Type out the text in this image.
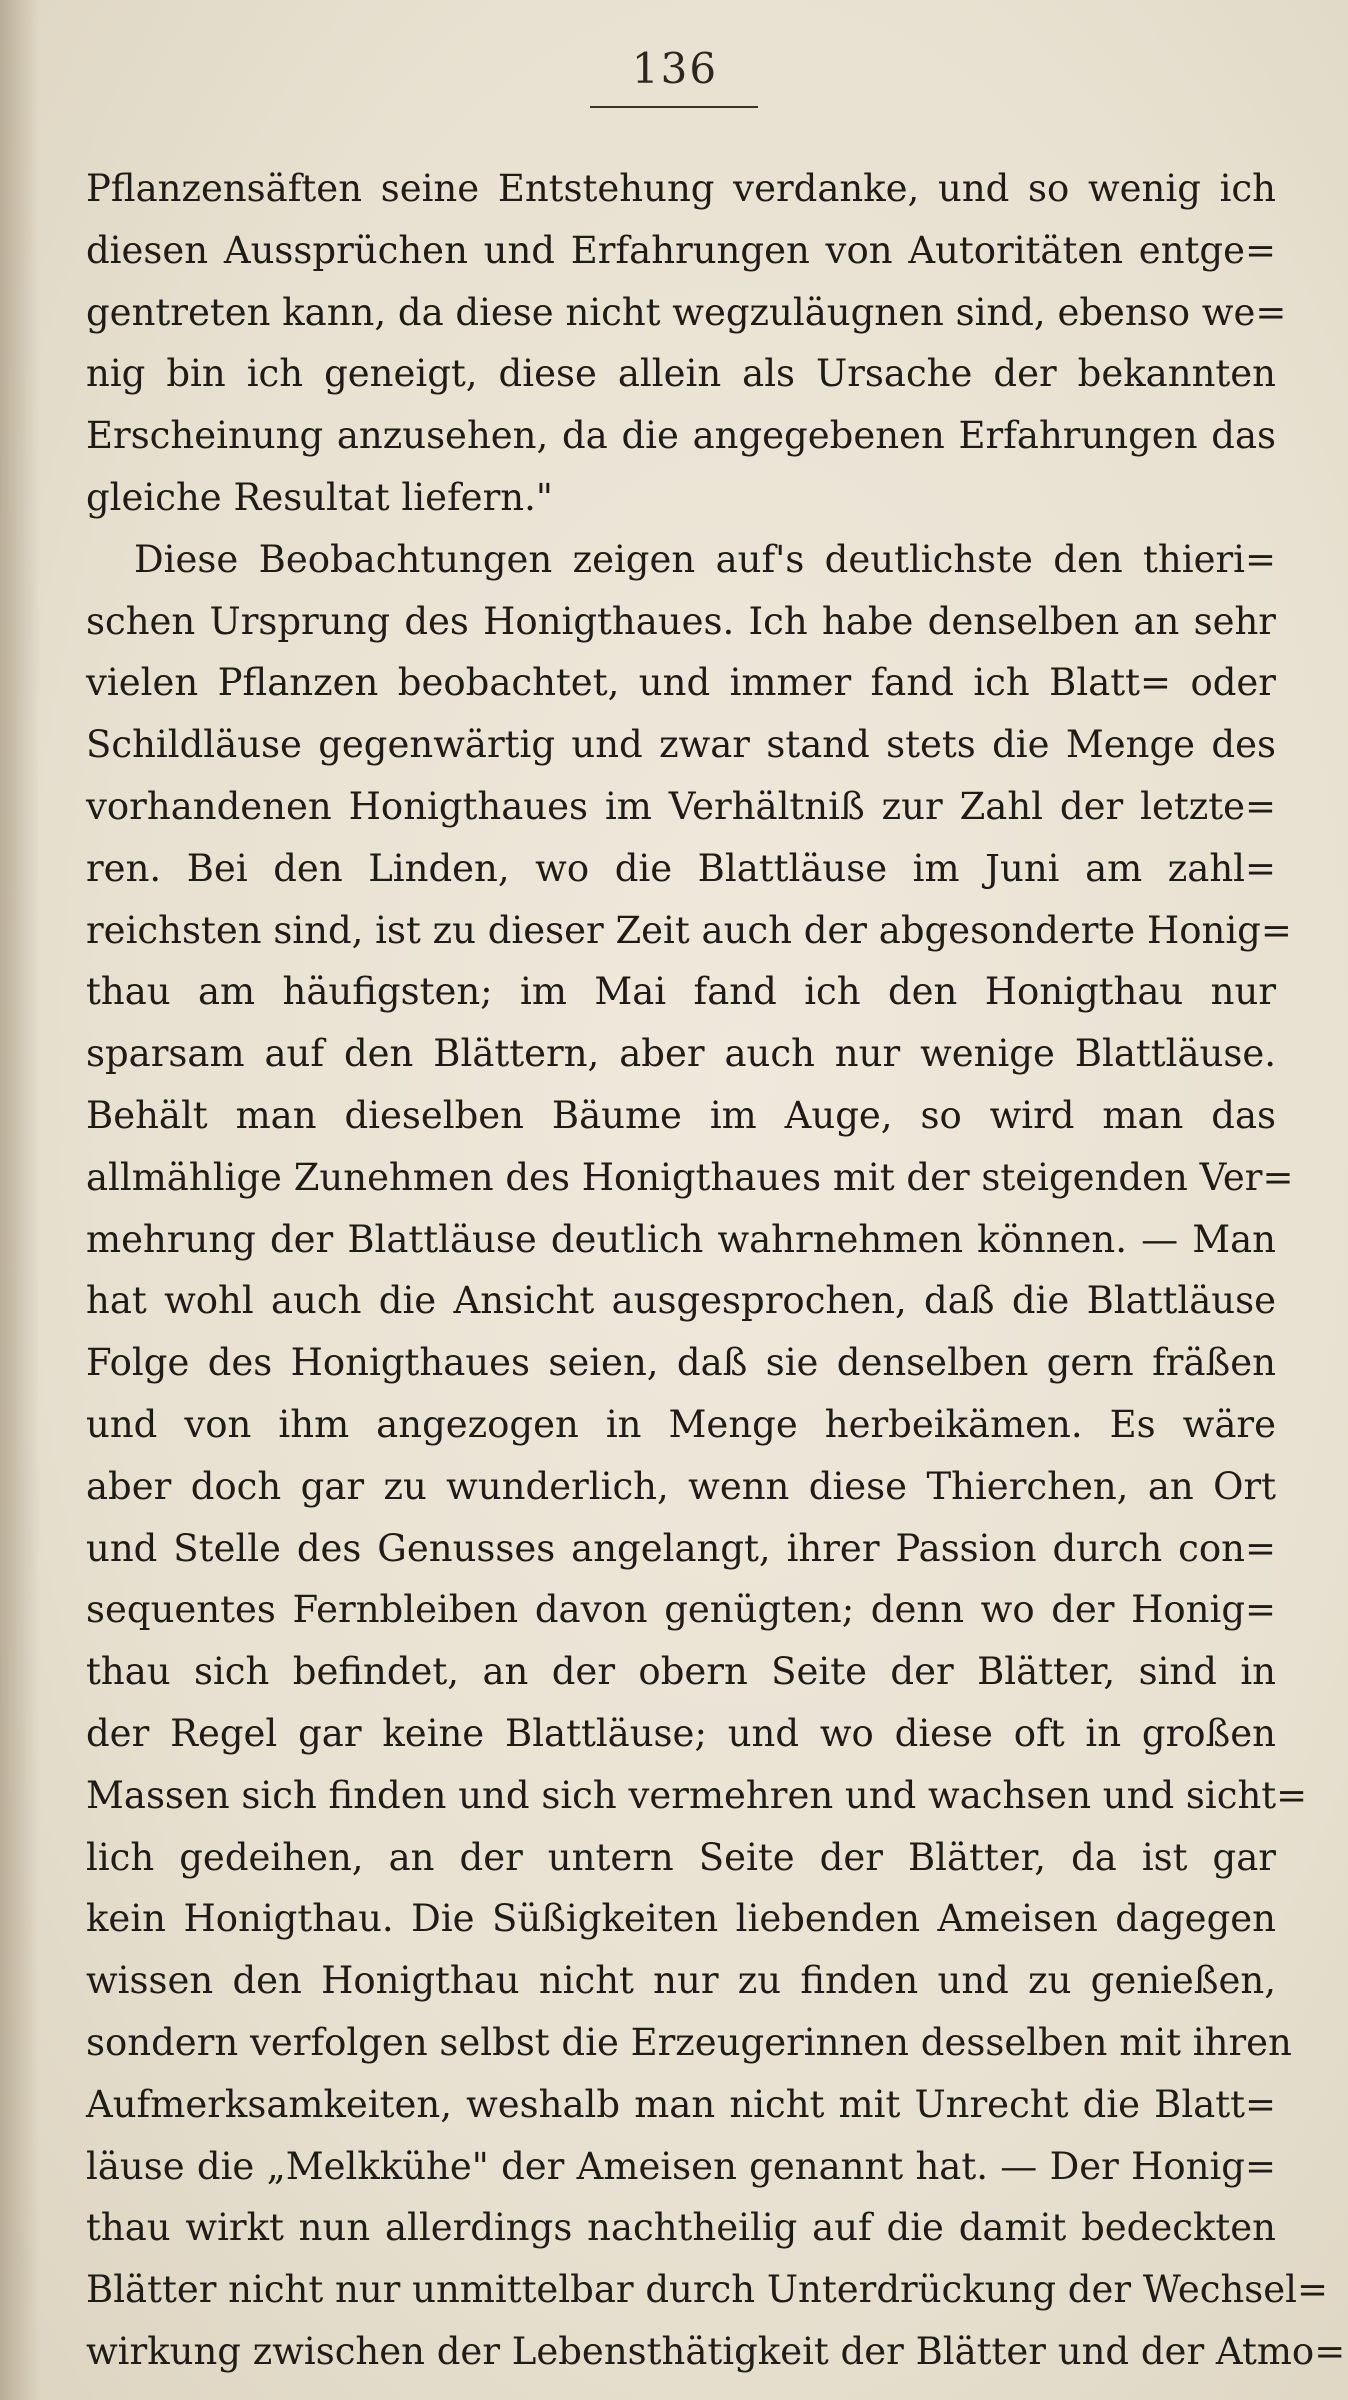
136
Pflanzensäften seine Entstehung verdanke, und so wenig ich
diesen Aussprüchen und Erfahrungen von Autoritäten entge=
gentreten kann, da diese nicht wegzuläugnen sind, ebenso we=
nig bin ich geneigt, diese allein als Ursache der bekannten
Erscheinung anzusehen, da die angegebenen Erfahrungen das
gleiche Resultat liefern."
Diese Beobachtungen zeigen auf's deutlichste den thieri=
schen Ursprung des Honigthaues. Ich habe denselben an sehr
vielen Pflanzen beobachtet, und immer fand ich Blatt= oder
Schildläuse gegenwärtig und zwar stand stets die Menge des
vorhandenen Honigthaues im Verhältniß zur Zahl der letzte=
ren. Bei den Linden, wo die Blattläuse im Juni am zahl=
reichsten sind, ist zu dieser Zeit auch der abgesonderte Honig=
thau am häufigsten; im Mai fand ich den Honigthau nur
sparsam auf den Blättern, aber auch nur wenige Blattläuse.
Behält man dieselben Bäume im Auge, so wird man das
allmählige Zunehmen des Honigthaues mit der steigenden Ver=
mehrung der Blattläuse deutlich wahrnehmen können. — Man
hat wohl auch die Ansicht ausgesprochen, daß die Blattläuse
Folge des Honigthaues seien, daß sie denselben gern fräßen
und von ihm angezogen in Menge herbeikämen. Es wäre
aber doch gar zu wunderlich, wenn diese Thierchen, an Ort
und Stelle des Genusses angelangt, ihrer Passion durch con=
sequentes Fernbleiben davon genügten; denn wo der Honig=
thau sich befindet, an der obern Seite der Blätter, sind in
der Regel gar keine Blattläuse; und wo diese oft in großen
Massen sich finden und sich vermehren und wachsen und sicht=
lich gedeihen, an der untern Seite der Blätter, da ist gar
kein Honigthau. Die Süßigkeiten liebenden Ameisen dagegen
wissen den Honigthau nicht nur zu finden und zu genießen,
sondern verfolgen selbst die Erzeugerinnen desselben mit ihren
Aufmerksamkeiten, weshalb man nicht mit Unrecht die Blatt=
läuse die „Melkkühe" der Ameisen genannt hat. — Der Honig=
thau wirkt nun allerdings nachtheilig auf die damit bedeckten
Blätter nicht nur unmittelbar durch Unterdrückung der Wechsel=
wirkung zwischen der Lebensthätigkeit der Blätter und der Atmo=
